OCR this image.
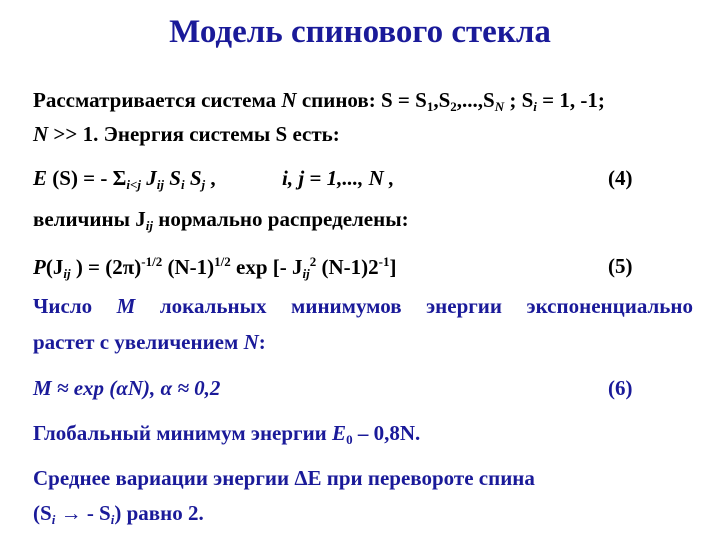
Модель спинового стекла
Рассматривается система N спинов: $S = S_1,S_2,...,S_N$ ; $S_i = 1$, -1;
N >> 1. Энергия системы S есть:
E (S) = - $\Sigma_{i<j}$ $J_{ij}$ $S_i$ $S_j$ ,	i, j = 1,..., N ,	(4)
величины $J_{ij}$ нормально распределены:
$P(J_{ij}$ ) = $(2\pi)^{-1/2}$ $(N-1)^{1/2}$ exp [- $J_{ij}^2$ $(N-1)2^{-1}$]	(5)
Число M локальных минимумов энергии экспоненциально
растет с увеличением N:
M ≈ exp (αN), α ≈ 0,2	(6)
Глобальный минимум энергии $E_0 - 0,8N$.
Среднее вариации энергии ΔE при перевороте спина
($S_i$ → - $S_i$) равно 2.
